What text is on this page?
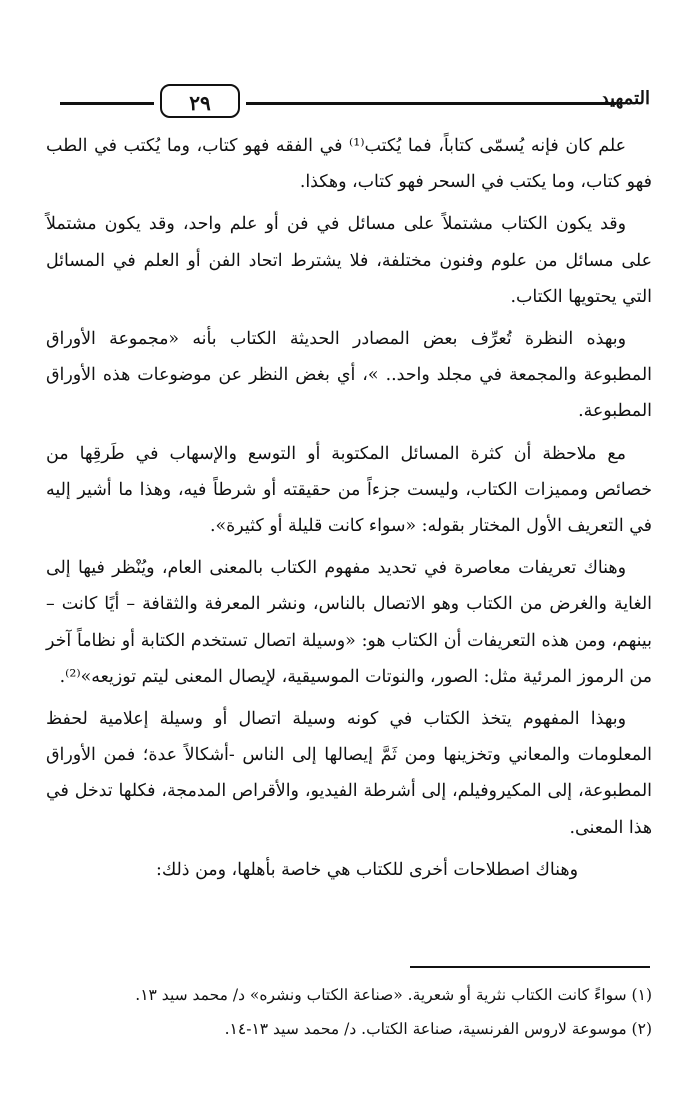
التمهيد
٢٩

علم كان فإنه يُسمّى كتاباً، فما يُكتب⁽¹⁾ في الفقه فهو كتاب، وما يُكتب في الطب فهو كتاب، وما يكتب في السحر فهو كتاب، وهكذا.

وقد يكون الكتاب مشتملاً على مسائل في فن أو علم واحد، وقد يكون مشتملاً على مسائل من علوم وفنون مختلفة، فلا يشترط اتحاد الفن أو العلم في المسائل التي يحتويها الكتاب.

وبهذه النظرة تُعرِّف بعض المصادر الحديثة الكتاب بأنه «مجموعة الأوراق المطبوعة والمجمعة في مجلد واحد.. »، أي بغض النظر عن موضوعات هذه الأوراق المطبوعة.

مع ملاحظة أن كثرة المسائل المكتوبة أو التوسع والإسهاب في طَرقِها من خصائص ومميزات الكتاب، وليست جزءاً من حقيقته أو شرطاً فيه، وهذا ما أشير إليه في التعريف الأول المختار بقوله: «سواء كانت قليلة أو كثيرة».

وهناك تعريفات معاصرة في تحديد مفهوم الكتاب بالمعنى العام، ويُنْظر فيها إلى الغاية والغرض من الكتاب وهو الاتصال بالناس، ونشر المعرفة والثقافة – أيًا كانت – بينهم، ومن هذه التعريفات أن الكتاب هو: «وسيلة اتصال تستخدم الكتابة أو نظاماً آخر من الرموز المرئية مثل: الصور، والنوتات الموسيقية، لإيصال المعنى ليتم توزيعه»⁽²⁾.

وبهذا المفهوم يتخذ الكتاب في كونه وسيلة اتصال أو وسيلة إعلامية لحفظ المعلومات والمعاني وتخزينها ومن ثَمَّ إيصالها إلى الناس -أشكالاً عدة؛ فمن الأوراق المطبوعة، إلى المكيروفيلم، إلى أشرطة الفيديو، والأقراص المدمجة، فكلها تدخل في هذا المعنى.

وهناك اصطلاحات أخرى للكتاب هي خاصة بأهلها، ومن ذلك:

(١) سواءً كانت الكتاب نثرية أو شعرية. «صناعة الكتاب ونشره» د/ محمد سيد ١٣.

(٢) موسوعة لاروس الفرنسية، صناعة الكتاب. د/ محمد سيد ١٣-١٤.
